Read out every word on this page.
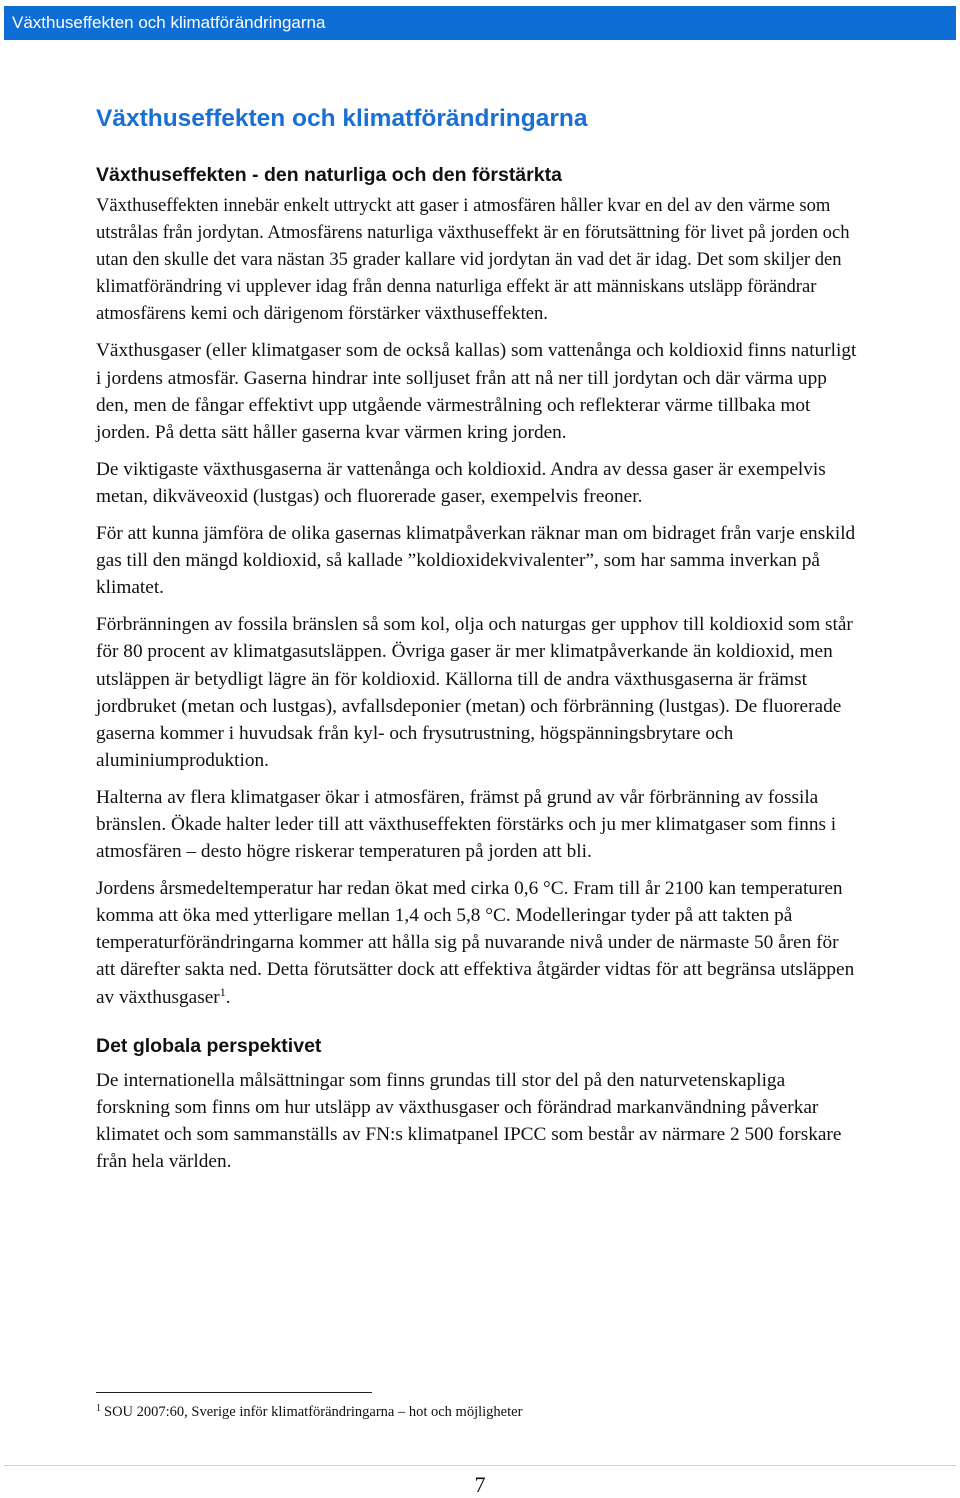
Växthuseffekten och klimatförändringarna
Växthuseffekten och klimatförändringarna
Växthuseffekten - den naturliga och den förstärkta

Växthuseffekten innebär enkelt uttryckt att gaser i atmosfären håller kvar en del av den värme som utstrålas från jordytan. Atmosfärens naturliga växthuseffekt är en förutsättning för livet på jorden och utan den skulle det vara nästan 35 grader kallare vid jordytan än vad det är idag. Det som skiljer den klimatförändring vi upplever idag från denna naturliga effekt är att människans utsläpp förändrar atmosfärens kemi och därigenom förstärker växthuseffekten.

Växthusgaser (eller klimatgaser som de också kallas) som vattenånga och koldioxid finns naturligt i jordens atmosfär. Gaserna hindrar inte solljuset från att nå ner till jordytan och där värma upp den, men de fångar effektivt upp utgående värmestrålning och reflekterar värme tillbaka mot jorden. På detta sätt håller gaserna kvar värmen kring jorden.

De viktigaste växthusgaserna är vattenånga och koldioxid. Andra av dessa gaser är exempelvis metan, dikväveoxid (lustgas) och fluorerade gaser, exempelvis freoner.

För att kunna jämföra de olika gasernas klimatpåverkan räknar man om bidraget från varje enskild gas till den mängd koldioxid, så kallade ”koldioxidekvivalenter”, som har samma inverkan på klimatet.

Förbränningen av fossila bränslen så som kol, olja och naturgas ger upphov till koldioxid som står för 80 procent av klimatgasutsläppen. Övriga gaser är mer klimatpåverkande än koldioxid, men utsläppen är betydligt lägre än för koldioxid. Källorna till de andra växthusgaserna är främst jordbruket (metan och lustgas), avfallsdeponier (metan) och förbränning (lustgas). De fluorerade gaserna kommer i huvudsak från kyl- och frysutrustning, högspänningsbrytare och aluminiumproduktion.

Halterna av flera klimatgaser ökar i atmosfären, främst på grund av vår förbränning av fossila bränslen. Ökade halter leder till att växthuseffekten förstärks och ju mer klimatgaser som finns i atmosfären – desto högre riskerar temperaturen på jorden att bli.

Jordens årsmedeltemperatur har redan ökat med cirka 0,6 °C. Fram till år 2100 kan temperaturen komma att öka med ytterligare mellan 1,4 och 5,8 °C. Modelleringar tyder på att takten på temperaturförändringarna kommer att hålla sig på nuvarande nivå under de närmaste 50 åren för att därefter sakta ned. Detta förutsätter dock att effektiva åtgärder vidtas för att begränsa utsläppen av växthusgaser$^1$.

Det globala perspektivet

De internationella målsättningar som finns grundas till stor del på den naturvetenskapliga forskning som finns om hur utsläpp av växthusgaser och förändrad markanvändning påverkar klimatet och som sammanställs av FN:s klimatpanel IPCC som består av närmare 2 500 forskare från hela världen.

$^1$ SOU 2007:60, Sverige inför klimatförändringarna – hot och möjligheter
7
